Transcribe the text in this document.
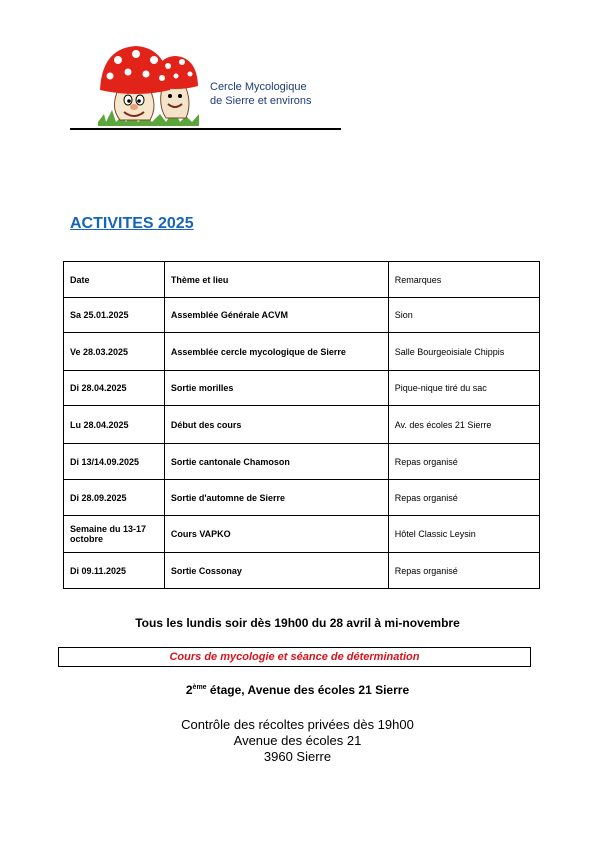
Cercle Mycologique
de Sierre et environs
ACTIVITES 2025
Date	Thème et lieu	Remarques
Sa 25.01.2025	Assemblée Générale ACVM	Sion
Ve 28.03.2025	Assemblée cercle mycologique de Sierre	Salle Bourgeoisiale Chippis
Di 28.04.2025	Sortie morilles	Pique-nique tiré du sac
Lu 28.04.2025	Début des cours	Av. des écoles 21 Sierre
Di 13/14.09.2025	Sortie cantonale Chamoson	Repas organisé
Di 28.09.2025	Sortie d'automne de Sierre	Repas organisé
Semaine du 13-17 octobre	Cours VAPKO	Hôtel Classic Leysin
Di 09.11.2025	Sortie Cossonay	Repas organisé
Tous les lundis soir dès 19h00 du 28 avril à mi-novembre
Cours de mycologie et séance de détermination
2ème étage, Avenue des écoles 21 Sierre
Contrôle des récoltes privées dès 19h00
Avenue des écoles 21
3960 Sierre
